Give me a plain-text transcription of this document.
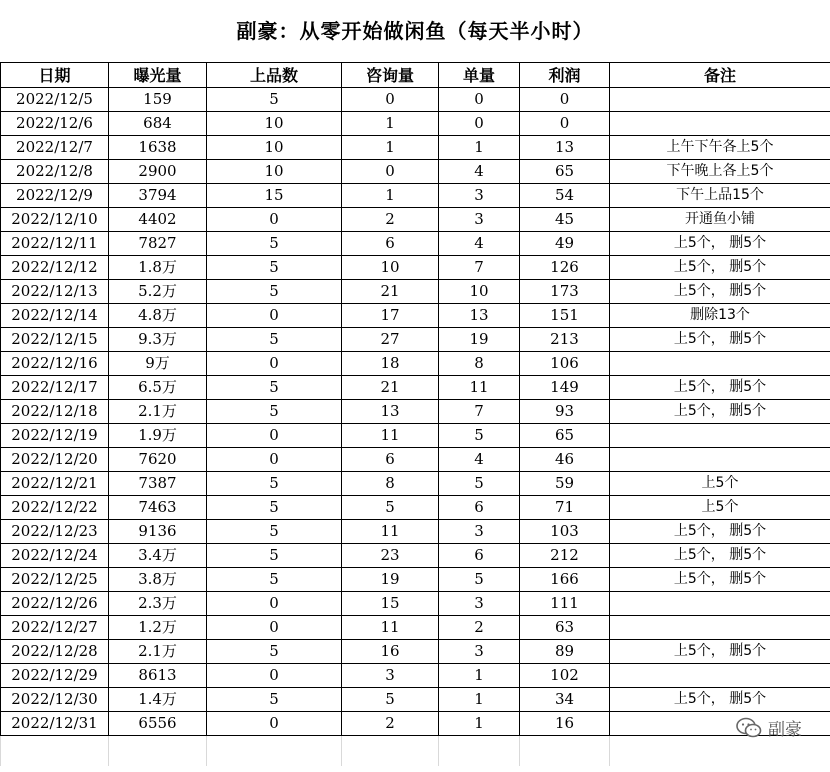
副豪：从零开始做闲鱼（每天半小时）
日期	曝光量	上品数	咨询量	单量	利润	备注
2022/12/5	159	5	0	0	0	
2022/12/6	684	10	1	0	0	
2022/12/7	1638	10	1	1	13	上午下午各上5个
2022/12/8	2900	10	0	4	65	下午晚上各上5个
2022/12/9	3794	15	1	3	54	下午上品15个
2022/12/10	4402	0	2	3	45	开通鱼小铺
2022/12/11	7827	5	6	4	49	上5个， 删5个
2022/12/12	1.8万	5	10	7	126	上5个， 删5个
2022/12/13	5.2万	5	21	10	173	上5个， 删5个
2022/12/14	4.8万	0	17	13	151	删除13个
2022/12/15	9.3万	5	27	19	213	上5个， 删5个
2022/12/16	9万	0	18	8	106	
2022/12/17	6.5万	5	21	11	149	上5个， 删5个
2022/12/18	2.1万	5	13	7	93	上5个， 删5个
2022/12/19	1.9万	0	11	5	65	
2022/12/20	7620	0	6	4	46	
2022/12/21	7387	5	8	5	59	上5个
2022/12/22	7463	5	5	6	71	上5个
2022/12/23	9136	5	11	3	103	上5个， 删5个
2022/12/24	3.4万	5	23	6	212	上5个， 删5个
2022/12/25	3.8万	5	19	5	166	上5个， 删5个
2022/12/26	2.3万	0	15	3	111	
2022/12/27	1.2万	0	11	2	63	
2022/12/28	2.1万	5	16	3	89	上5个， 删5个
2022/12/29	8613	0	3	1	102	
2022/12/30	1.4万	5	5	1	34	上5个， 删5个
2022/12/31	6556	0	2	1	16	
							副豪
